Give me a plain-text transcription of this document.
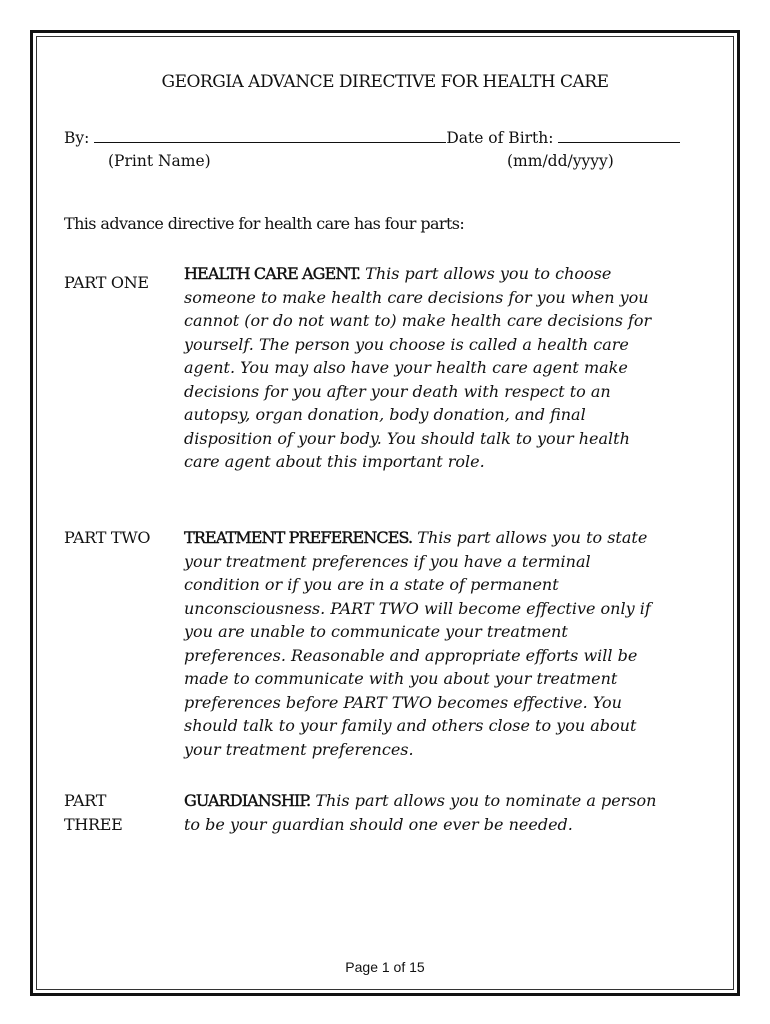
GEORGIA ADVANCE DIRECTIVE FOR HEALTH CARE
By:	Date of Birth:
(Print Name)	(mm/dd/yyyy)
This advance directive for health care has four parts:
PART ONE HEALTH CARE AGENT. This part allows you to choose someone to make health care decisions for you when you cannot (or do not want to) make health care decisions for yourself. The person you choose is called a health care agent. You may also have your health care agent make decisions for you after your death with respect to an autopsy, organ donation, body donation, and final disposition of your body. You should talk to your health care agent about this important role.
PART TWO TREATMENT PREFERENCES. This part allows you to state your treatment preferences if you have a terminal condition or if you are in a state of permanent unconsciousness. PART TWO will become effective only if you are unable to communicate your treatment preferences. Reasonable and appropriate efforts will be made to communicate with you about your treatment preferences before PART TWO becomes effective. You should talk to your family and others close to you about your treatment preferences.
PART
THREE
GUARDIANSHIP. This part allows you to nominate a person to be your guardian should one ever be needed.
Page 1 of 15
